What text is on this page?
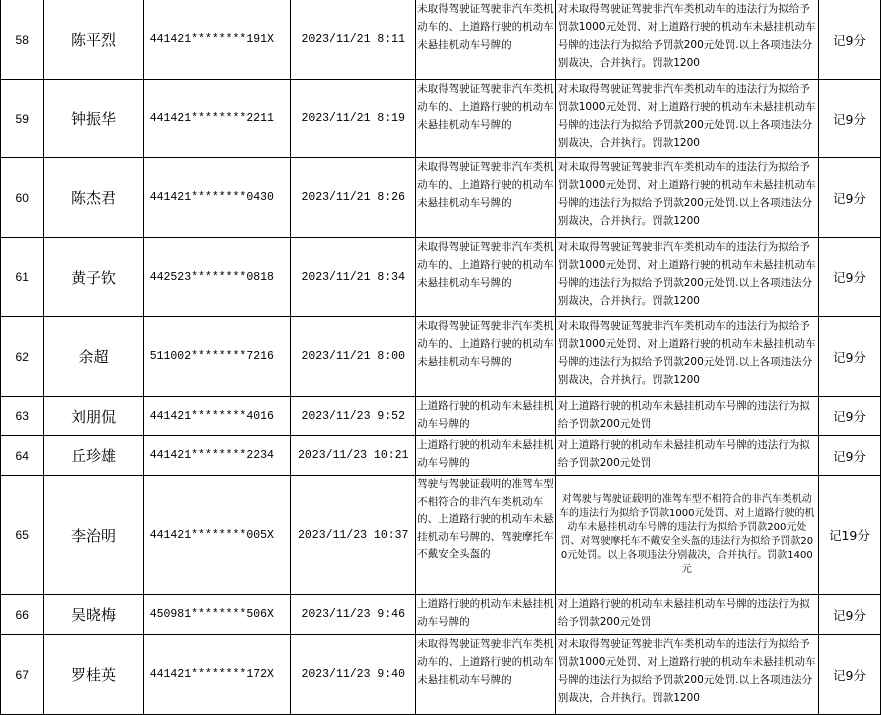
58	陈平烈	441421********191X	2023/11/21 8:11	未取得驾驶证驾驶非汽车类机动车的、上道路行驶的机动车未悬挂机动车号牌的	对未取得驾驶证驾驶非汽车类机动车的违法行为拟给予罚款1000元处罚、对上道路行驶的机动车未悬挂机动车号牌的违法行为拟给予罚款200元处罚.以上各项违法分别裁决，合并执行。罚款1200	记9分
59	钟振华	441421********2211	2023/11/21 8:19	未取得驾驶证驾驶非汽车类机动车的、上道路行驶的机动车未悬挂机动车号牌的	对未取得驾驶证驾驶非汽车类机动车的违法行为拟给予罚款1000元处罚、对上道路行驶的机动车未悬挂机动车号牌的违法行为拟给予罚款200元处罚.以上各项违法分别裁决，合并执行。罚款1200	记9分
60	陈杰君	441421********0430	2023/11/21 8:26	未取得驾驶证驾驶非汽车类机动车的、上道路行驶的机动车未悬挂机动车号牌的	对未取得驾驶证驾驶非汽车类机动车的违法行为拟给予罚款1000元处罚、对上道路行驶的机动车未悬挂机动车号牌的违法行为拟给予罚款200元处罚.以上各项违法分别裁决，合并执行。罚款1200	记9分
61	黄子钦	442523********0818	2023/11/21 8:34	未取得驾驶证驾驶非汽车类机动车的、上道路行驶的机动车未悬挂机动车号牌的	对未取得驾驶证驾驶非汽车类机动车的违法行为拟给予罚款1000元处罚、对上道路行驶的机动车未悬挂机动车号牌的违法行为拟给予罚款200元处罚.以上各项违法分别裁决，合并执行。罚款1200	记9分
62	余超	511002********7216	2023/11/21 8:00	未取得驾驶证驾驶非汽车类机动车的、上道路行驶的机动车未悬挂机动车号牌的	对未取得驾驶证驾驶非汽车类机动车的违法行为拟给予罚款1000元处罚、对上道路行驶的机动车未悬挂机动车号牌的违法行为拟给予罚款200元处罚.以上各项违法分别裁决，合并执行。罚款1200	记9分
63	刘朋侃	441421********4016	2023/11/23 9:52	上道路行驶的机动车未悬挂机动车号牌的	对上道路行驶的机动车未悬挂机动车号牌的违法行为拟给予罚款200元处罚	记9分
64	丘珍雄	441421********2234	2023/11/23 10:21	上道路行驶的机动车未悬挂机动车号牌的	对上道路行驶的机动车未悬挂机动车号牌的违法行为拟给予罚款200元处罚	记9分
65	李治明	441421********005X	2023/11/23 10:37	驾驶与驾驶证载明的准驾车型不相符合的非汽车类机动车的、上道路行驶的机动车未悬挂机动车号牌的、驾驶摩托车不戴安全头盔的	对驾驶与驾驶证载明的准驾车型不相符合的非汽车类机动车的违法行为拟给予罚款1000元处罚、对上道路行驶的机动车未悬挂机动车号牌的违法行为拟给予罚款200元处罚、对驾驶摩托车不戴安全头盔的违法行为拟给予罚款200元处罚。以上各项违法分别裁决，合并执行。罚款1400元	记19分
66	吴晓梅	450981********506X	2023/11/23 9:46	上道路行驶的机动车未悬挂机动车号牌的	对上道路行驶的机动车未悬挂机动车号牌的违法行为拟给予罚款200元处罚	记9分
67	罗桂英	441421********172X	2023/11/23 9:40	未取得驾驶证驾驶非汽车类机动车的、上道路行驶的机动车未悬挂机动车号牌的	对未取得驾驶证驾驶非汽车类机动车的违法行为拟给予罚款1000元处罚、对上道路行驶的机动车未悬挂机动车号牌的违法行为拟给予罚款200元处罚.以上各项违法分别裁决，合并执行。罚款1200	记9分
